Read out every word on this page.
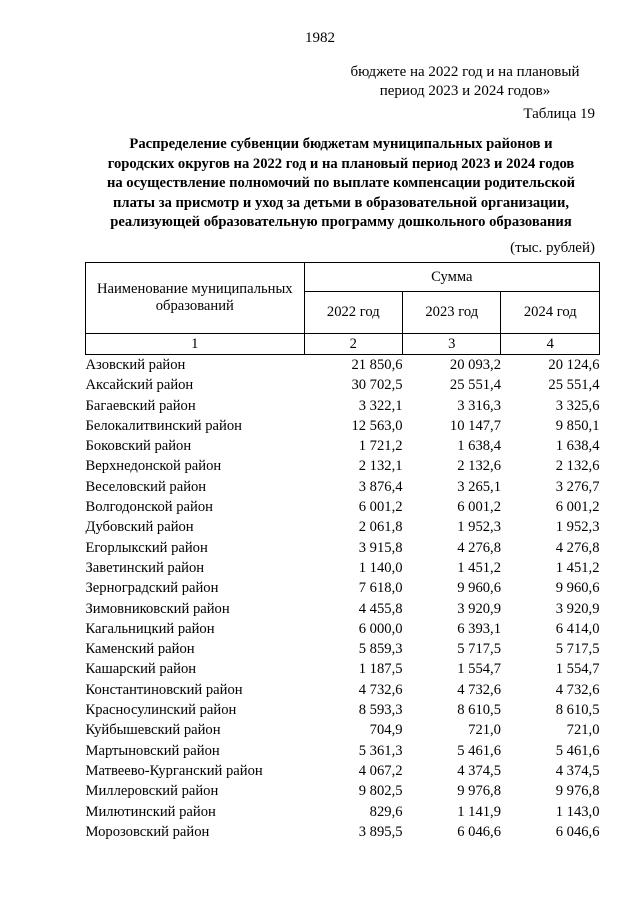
1982
бюджете на 2022 год и на плановый
период 2023 и 2024 годов»
Таблица 19
Распределение субвенции бюджетам муниципальных районов и
городских округов на 2022 год и на плановый период 2023 и 2024 годов
на осуществление полномочий по выплате компенсации родительской
платы за присмотр и уход за детьми в образовательной организации,
реализующей образовательную программу дошкольного образования
(тыс. рублей)
Наименование муниципальных
образований	Сумма		
	2022 год	2023 год	2024 год
1	2	3	4
Азовский район	21 850,6	20 093,2	20 124,6
Аксайский район	30 702,5	25 551,4	25 551,4
Багаевский район	3 322,1	3 316,3	3 325,6
Белокалитвинский район	12 563,0	10 147,7	9 850,1
Боковский район	1 721,2	1 638,4	1 638,4
Верхнедонской район	2 132,1	2 132,6	2 132,6
Веселовский район	3 876,4	3 265,1	3 276,7
Волгодонской район	6 001,2	6 001,2	6 001,2
Дубовский район	2 061,8	1 952,3	1 952,3
Егорлыкский район	3 915,8	4 276,8	4 276,8
Заветинский район	1 140,0	1 451,2	1 451,2
Зерноградский район	7 618,0	9 960,6	9 960,6
Зимовниковский район	4 455,8	3 920,9	3 920,9
Кагальницкий район	6 000,0	6 393,1	6 414,0
Каменский район	5 859,3	5 717,5	5 717,5
Кашарский район	1 187,5	1 554,7	1 554,7
Константиновский район	4 732,6	4 732,6	4 732,6
Красносулинский район	8 593,3	8 610,5	8 610,5
Куйбышевский район	704,9	721,0	721,0
Мартыновский район	5 361,3	5 461,6	5 461,6
Матвеево-Курганский район	4 067,2	4 374,5	4 374,5
Миллеровский район	9 802,5	9 976,8	9 976,8
Милютинский район	829,6	1 141,9	1 143,0
Морозовский район	3 895,5	6 046,6	6 046,6
